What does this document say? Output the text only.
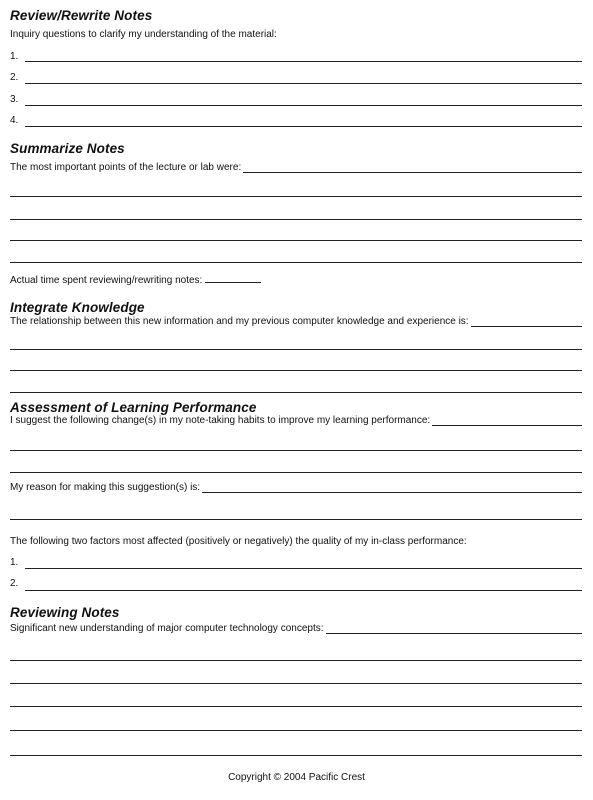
Review/Rewrite Notes
Inquiry questions to clarify my understanding of the material:
1.
2.
3.
4.
Summarize Notes
The most important points of the lecture or lab were:
Actual time spent reviewing/rewriting notes:
Integrate Knowledge
The relationship between this new information and my previous computer knowledge and experience is:
Assessment of Learning Performance
I suggest the following change(s) in my note-taking habits to improve my learning performance:
My reason for making this suggestion(s) is:
The following two factors most affected (positively or negatively) the quality of my in-class performance:
1.
2.
Reviewing Notes
Significant new understanding of major computer technology concepts:
Copyright © 2004 Pacific Crest
